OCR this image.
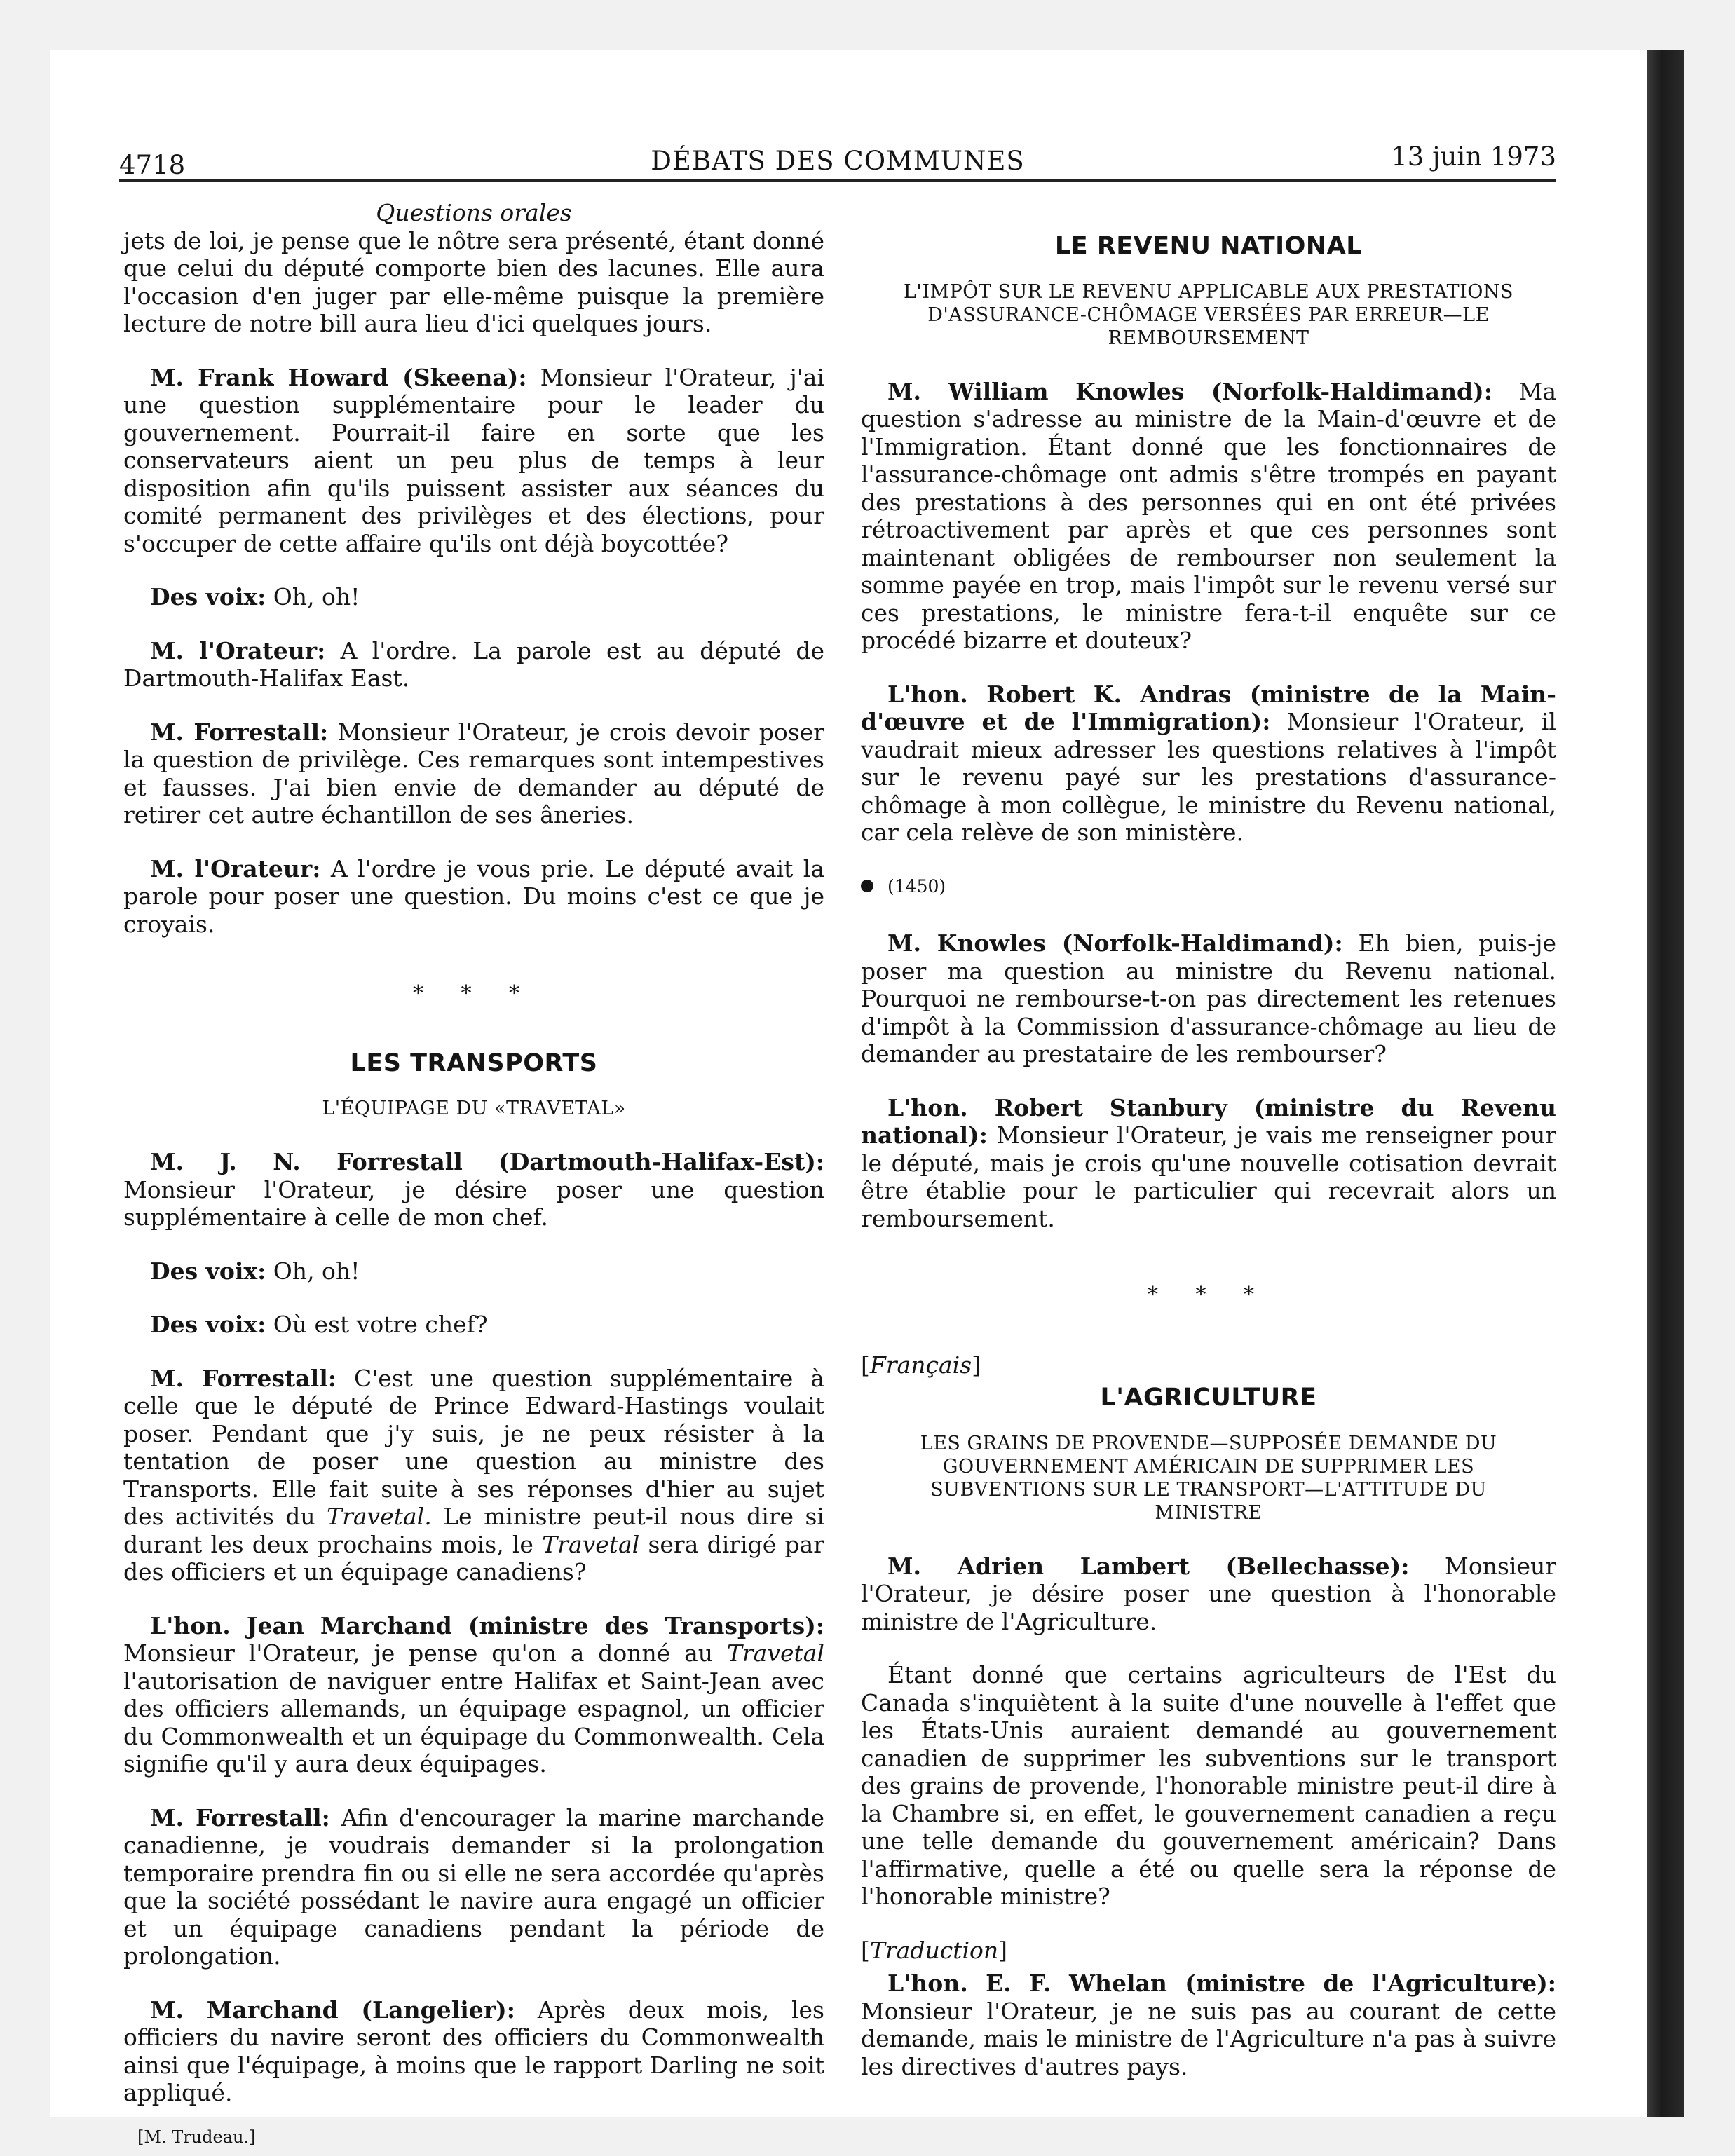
4718	DÉBATS DES COMMUNES	13 juin 1973
Questions orales

jets de loi, je pense que le nôtre sera présenté, étant donné que celui du député comporte bien des lacunes. Elle aura l'occasion d'en juger par elle-même puisque la première lecture de notre bill aura lieu d'ici quelques jours.

M. Frank Howard (Skeena): Monsieur l'Orateur, j'ai une question supplémentaire pour le leader du gouvernement. Pourrait-il faire en sorte que les conservateurs aient un peu plus de temps à leur disposition afin qu'ils puissent assister aux séances du comité permanent des privilèges et des élections, pour s'occuper de cette affaire qu'ils ont déjà boycottée?

Des voix: Oh, oh!

M. l'Orateur: A l'ordre. La parole est au député de Dartmouth-Halifax East.

M. Forrestall: Monsieur l'Orateur, je crois devoir poser la question de privilège. Ces remarques sont intempestives et fausses. J'ai bien envie de demander au député de retirer cet autre échantillon de ses âneries.

M. l'Orateur: A l'ordre je vous prie. Le député avait la parole pour poser une question. Du moins c'est ce que je croyais.

* * *
LES TRANSPORTS
L'ÉQUIPAGE DU «TRAVETAL»

M. J. N. Forrestall (Dartmouth-Halifax-Est): Monsieur l'Orateur, je désire poser une question supplémentaire à celle de mon chef.

Des voix: Oh, oh!

Des voix: Où est votre chef?

M. Forrestall: C'est une question supplémentaire à celle que le député de Prince Edward-Hastings voulait poser. Pendant que j'y suis, je ne peux résister à la tentation de poser une question au ministre des Transports. Elle fait suite à ses réponses d'hier au sujet des activités du Travetal. Le ministre peut-il nous dire si durant les deux prochains mois, le Travetal sera dirigé par des officiers et un équipage canadiens?

L'hon. Jean Marchand (ministre des Transports): Monsieur l'Orateur, je pense qu'on a donné au Travetal l'autorisation de naviguer entre Halifax et Saint-Jean avec des officiers allemands, un équipage espagnol, un officier du Commonwealth et un équipage du Commonwealth. Cela signifie qu'il y aura deux équipages.

M. Forrestall: Afin d'encourager la marine marchande canadienne, je voudrais demander si la prolongation temporaire prendra fin ou si elle ne sera accordée qu'après que la société possédant le navire aura engagé un officier et un équipage canadiens pendant la période de prolongation.

M. Marchand (Langelier): Après deux mois, les officiers du navire seront des officiers du Commonwealth ainsi que l'équipage, à moins que le rapport Darling ne soit appliqué.

[M. Trudeau.]
LE REVENU NATIONAL
L'IMPÔT SUR LE REVENU APPLICABLE AUX PRESTATIONS D'ASSURANCE-CHÔMAGE VERSÉES PAR ERREUR—LE REMBOURSEMENT

M. William Knowles (Norfolk-Haldimand): Ma question s'adresse au ministre de la Main-d'œuvre et de l'Immigration. Étant donné que les fonctionnaires de l'assurance-chômage ont admis s'être trompés en payant des prestations à des personnes qui en ont été privées rétroactivement par après et que ces personnes sont maintenant obligées de rembourser non seulement la somme payée en trop, mais l'impôt sur le revenu versé sur ces prestations, le ministre fera-t-il enquête sur ce procédé bizarre et douteux?

L'hon. Robert K. Andras (ministre de la Main-d'œuvre et de l'Immigration): Monsieur l'Orateur, il vaudrait mieux adresser les questions relatives à l'impôt sur le revenu payé sur les prestations d'assurance-chômage à mon collègue, le ministre du Revenu national, car cela relève de son ministère.

(1450)

M. Knowles (Norfolk-Haldimand): Eh bien, puis-je poser ma question au ministre du Revenu national. Pourquoi ne rembourse-t-on pas directement les retenues d'impôt à la Commission d'assurance-chômage au lieu de demander au prestataire de les rembourser?

L'hon. Robert Stanbury (ministre du Revenu national): Monsieur l'Orateur, je vais me renseigner pour le député, mais je crois qu'une nouvelle cotisation devrait être établie pour le particulier qui recevrait alors un remboursement.

* * *
[Français]
L'AGRICULTURE
LES GRAINS DE PROVENDE—SUPPOSÉE DEMANDE DU GOUVERNEMENT AMÉRICAIN DE SUPPRIMER LES SUBVENTIONS SUR LE TRANSPORT—L'ATTITUDE DU MINISTRE

M. Adrien Lambert (Bellechasse): Monsieur l'Orateur, je désire poser une question à l'honorable ministre de l'Agriculture.

Étant donné que certains agriculteurs de l'Est du Canada s'inquiètent à la suite d'une nouvelle à l'effet que les États-Unis auraient demandé au gouvernement canadien de supprimer les subventions sur le transport des grains de provende, l'honorable ministre peut-il dire à la Chambre si, en effet, le gouvernement canadien a reçu une telle demande du gouvernement américain? Dans l'affirmative, quelle a été ou quelle sera la réponse de l'honorable ministre?

[Traduction]

L'hon. E. F. Whelan (ministre de l'Agriculture): Monsieur l'Orateur, je ne suis pas au courant de cette demande, mais le ministre de l'Agriculture n'a pas à suivre les directives d'autres pays.
